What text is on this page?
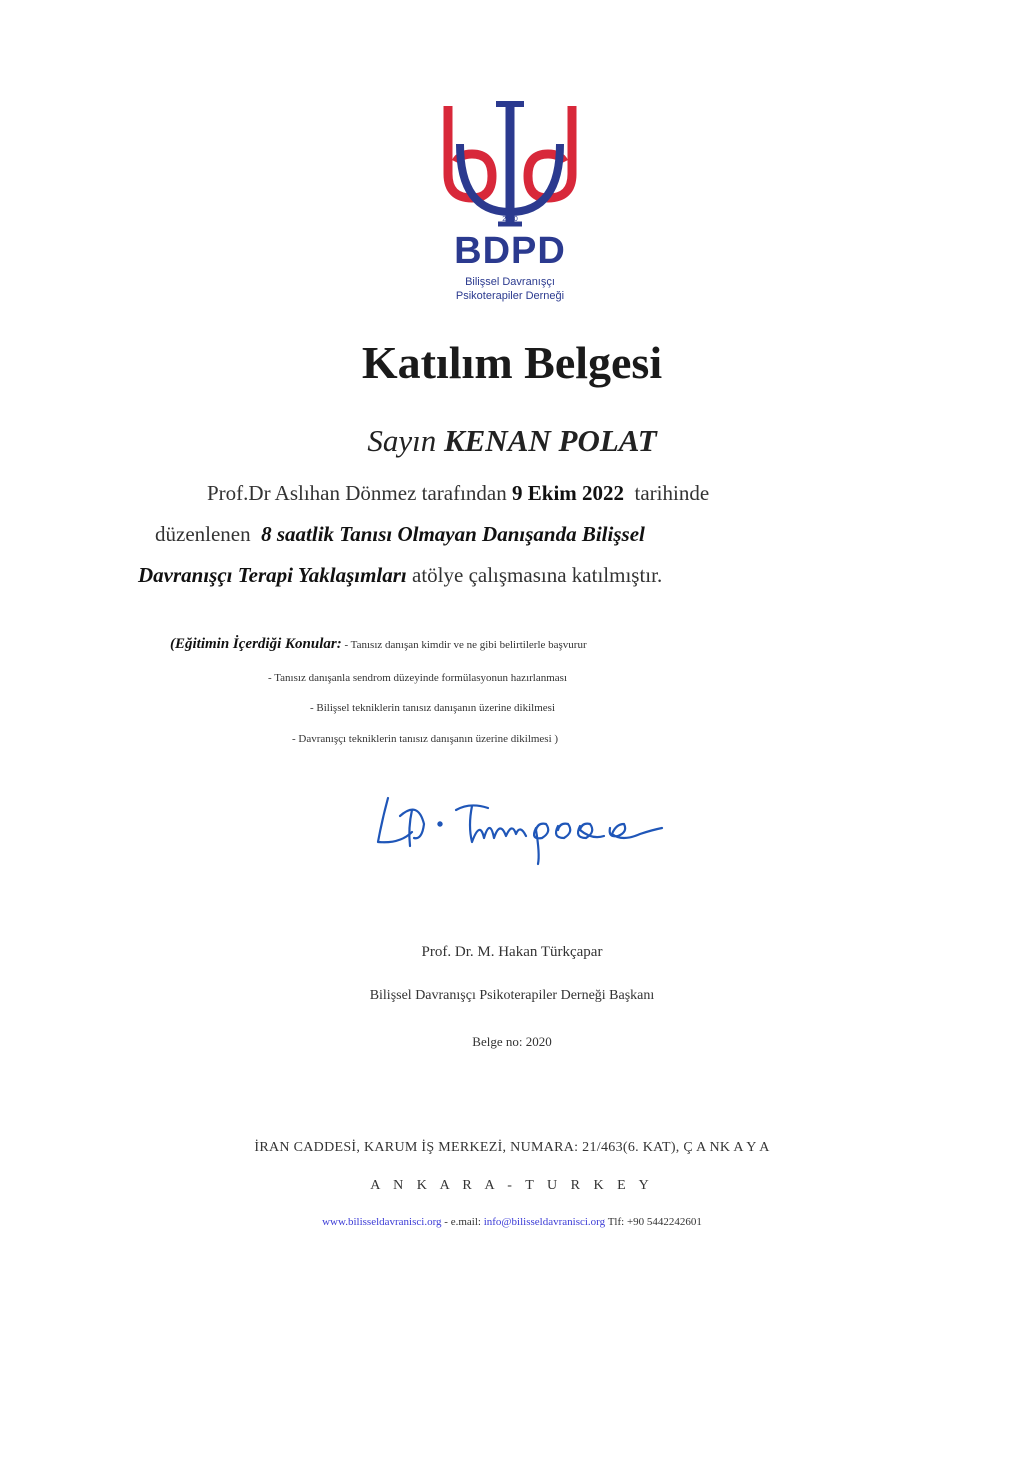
2010
BDPD
Bilişsel Davranışçı
Psikoterapiler Derneği
Katılım Belgesi
Sayın KENAN POLAT
Prof.Dr Aslıhan Dönmez tarafından 9 Ekim 2022 tarihinde
düzenlenen 8 saatlik Tanısı Olmayan Danışanda Bilişsel
Davranışçı Terapi Yaklaşımları atölye çalışmasına katılmıştır.
(Eğitimin İçerdiği Konular: - Tanısız danışan kimdir ve ne gibi belirtilerle başvurur
- Tanısız danışanla sendrom düzeyinde formülasyonun hazırlanması
- Bilişsel tekniklerin tanısız danışanın üzerine dikilmesi
- Davranışçı tekniklerin tanısız danışanın üzerine dikilmesi )
Prof. Dr. M. Hakan Türkçapar
Bilişsel Davranışçı Psikoterapiler Derneği Başkanı
Belge no: 2020
İRAN CADDESİ, KARUM İŞ MERKEZİ, NUMARA: 21/463(6. KAT), Ç A NK A Y A
A N K A R A - T U R K E Y
www.bilisseldavranisci.org - e.mail: info@bilisseldavranisci.org Tlf: +90 5442242601
